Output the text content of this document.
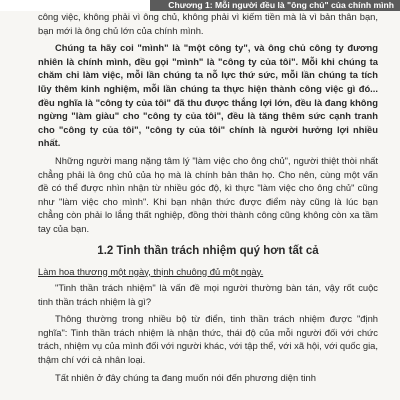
Chương 1: Mỗi người đều là "ông chủ" của chính mình

công việc, không phải vì ông chủ, không phải vì kiếm tiền mà là vì bản thân bạn, bạn mới là ông chủ lớn của chính mình.

Chúng ta hãy coi "mình" là "một công ty", và ông chủ công ty đương nhiên là chính mình, đều gọi "mình" là "công ty của tôi". Mỗi khi chúng ta chăm chỉ làm việc, mỗi lần chúng ta nỗ lực thứ sức, mỗi lần chúng ta tích lũy thêm kinh nghiệm, mỗi lần chúng ta thực hiện thành công việc gì đó... đều nghĩa là "công ty của tôi" đã thu được thắng lợi lớn, đều là đang không ngừng "làm giàu" cho "công ty của tôi", đều là tăng thêm sức cạnh tranh cho "công ty của tôi", "công ty của tôi" chính là người hưởng lợi nhiều nhất.

Những người mang nặng tâm lý "làm việc cho ông chủ", người thiệt thòi nhất chẳng phải là ông chủ của họ mà là chính bản thân họ. Cho nên, cùng một vấn đề có thể được nhìn nhận từ nhiều góc độ, kì thực "làm việc cho ông chủ" cũng như "làm việc cho mình". Khi bạn nhận thức được điểm này cũng là lúc bạn chẳng còn phải lo lắng thất nghiệp, đồng thời thành công cũng không còn xa tầm tay của bạn.

1.2 Tinh thần trách nhiệm quý hơn tất cả

Làm hoa thương một ngày, thịnh chuông đủ một ngày.

"Tinh thần trách nhiệm" là vấn đề mọi người thường bàn tán, vậy rốt cuộc tinh thần trách nhiệm là gì?

Thông thường trong nhiều bộ từ điển, tinh thần trách nhiệm được "định nghĩa": Tinh thần trách nhiệm là nhận thức, thái độ của mỗi người đối với chức trách, nhiệm vụ của mình đối với người khác, với tập thể, với xã hội, với quốc gia, thậm chí với cả nhân loại.

Tất nhiên ở đây chúng ta đang muốn nói đến phương diện tinh
